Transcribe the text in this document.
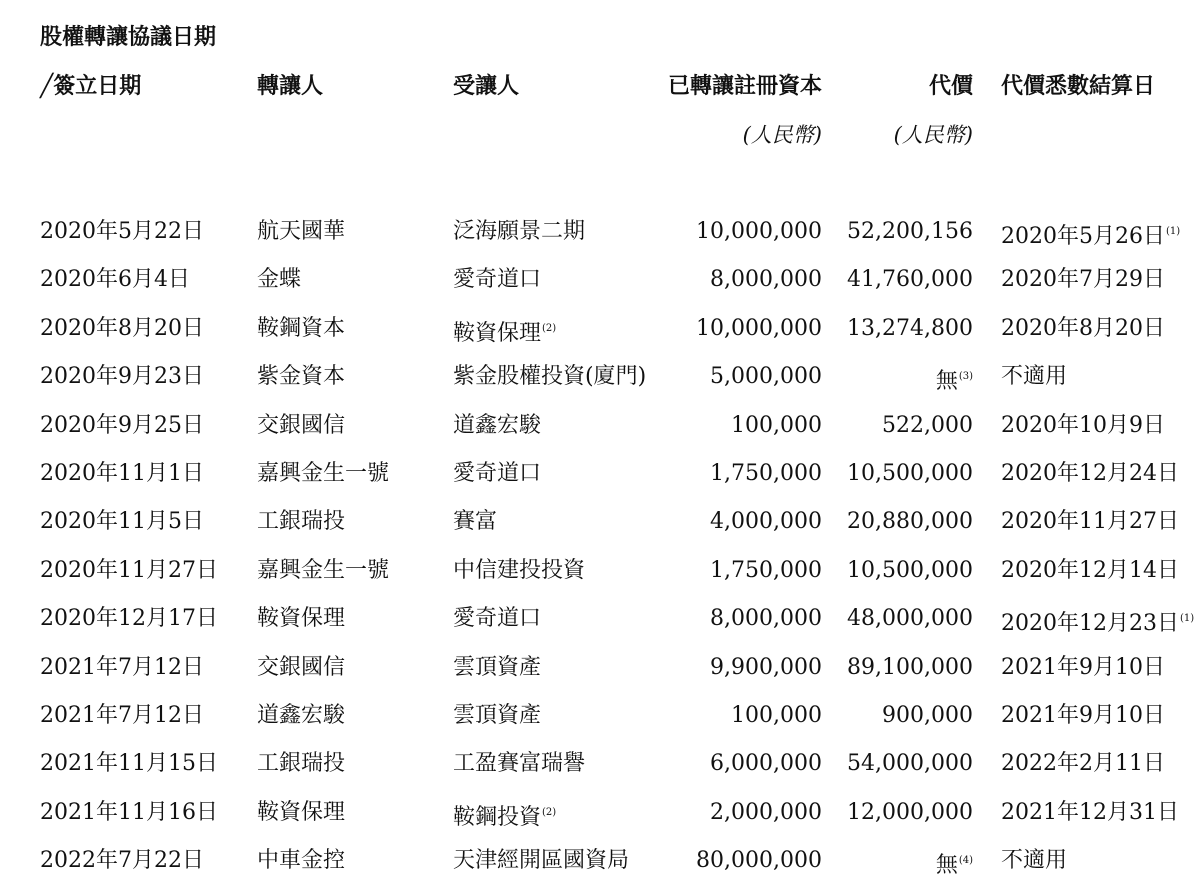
股權轉讓協議日期
╱簽立日期	轉讓人	受讓人	已轉讓註冊資本	代價 代價悉數結算日
(人民幣)	(人民幣)
2020年5月22日 航天國華	泛海願景二期	10,000,000 52,200,156 2020年5月26日$^{(1)}$
2020年6月4日	金蝶	愛奇道口	8,000,000 41,760,000 2020年7月29日
2020年8月20日 鞍鋼資本	鞍資保理$^{(2)}$	10,000,000 13,274,800 2020年8月20日
2020年9月23日 紫金資本	紫金股權投資(廈門)	5,000,000	無$^{(3)}$ 不適用
2020年9月25日 交銀國信	道鑫宏駿	100,000	522,000 2020年10月9日
2020年11月1日 嘉興金生一號	愛奇道口	1,750,000 10,500,000 2020年12月24日
2020年11月5日 工銀瑞投	賽富	4,000,000 20,880,000 2020年11月27日
2020年11月27日 嘉興金生一號	中信建投投資	1,750,000 10,500,000 2020年12月14日
2020年12月17日 鞍資保理	愛奇道口	8,000,000 48,000,000 2020年12月23日$^{(1)}$
2021年7月12日 交銀國信	雲頂資產	9,900,000 89,100,000 2021年9月10日
2021年7月12日 道鑫宏駿	雲頂資產	100,000	900,000 2021年9月10日
2021年11月15日 工銀瑞投	工盈賽富瑞譽	6,000,000 54,000,000 2022年2月11日
2021年11月16日 鞍資保理	鞍鋼投資$^{(2)}$	2,000,000 12,000,000 2021年12月31日
2022年7月22日 中車金控	天津經開區國資局	80,000,000	無$^{(4)}$ 不適用
